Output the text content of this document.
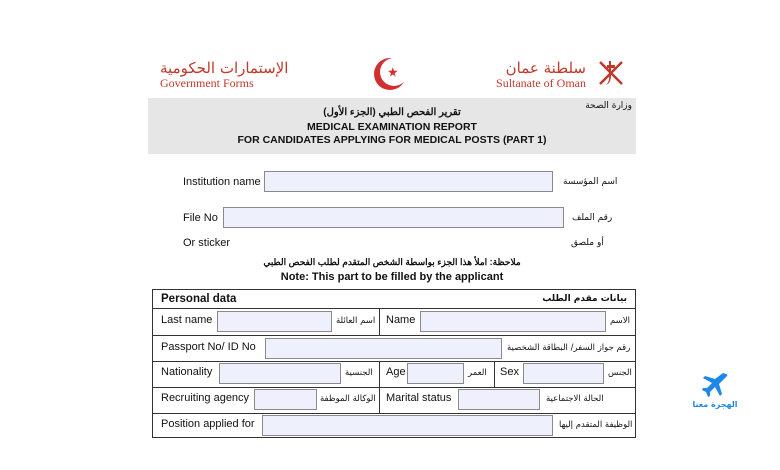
الإستمارات الحكومية
Government Forms
سلطنة عمان
Sultanate of Oman
وزارة الصحة
تقرير الفحص الطبي (الجزء الأول)
MEDICAL EXAMINATION REPORT
FOR CANDIDATES APPLYING FOR MEDICAL POSTS (PART 1)
Institution name	اسم المؤسسة
File No	رقم الملف
Or sticker	أو ملصق
ملاحظة: املأ هذا الجزء بواسطة الشخص المتقدم لطلب الفحص الطبي
Note: This part to be filled by the applicant
Personal data	بيانات مقدم الطلب
Last name	اسم العائلة Name	الاسم
Passport No/ ID No	رقم جواز السفر/ البطاقة الشخصية
Nationality	الجنسية Age	العمر Sex	الجنس
Recruiting agency	الوكالة الموظفة Marital status	الحالة الاجتماعية
Position applied for	الوظيفة المتقدم إليها
الهجرة معنا
